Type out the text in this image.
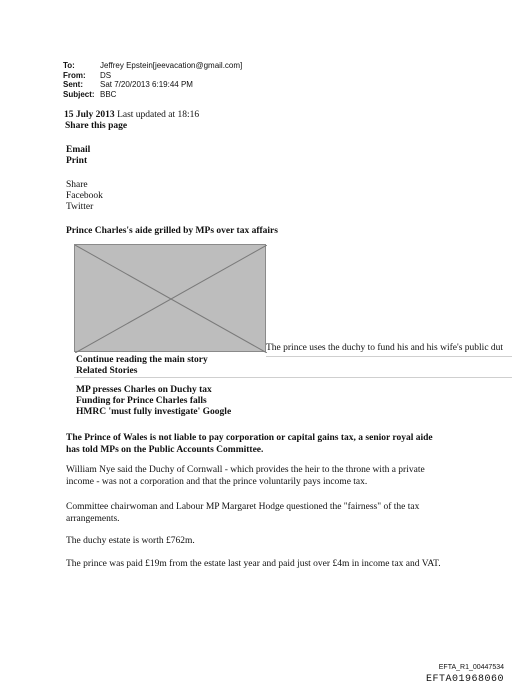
To:	Jeffrey Epstein[jeevacation@gmail.com]
From:	DS
Sent:	Sat 7/20/2013 6:19:44 PM
Subject: BBC
15 July 2013 Last updated at 18:16
Share this page
Email
Print
Share
Facebook
Twitter
Prince Charles's aide grilled by MPs over tax affairs
The prince uses the duchy to fund his and his wife's public dut
Continue reading the main story
Related Stories
MP presses Charles on Duchy tax
Funding for Prince Charles falls
HMRC 'must fully investigate' Google
The Prince of Wales is not liable to pay corporation or capital gains tax, a senior royal aide has told MPs on the Public Accounts Committee.
William Nye said the Duchy of Cornwall - which provides the heir to the throne with a private income - was not a corporation and that the prince voluntarily pays income tax.
Committee chairwoman and Labour MP Margaret Hodge questioned the "fairness" of the tax arrangements.
The duchy estate is worth £762m.
The prince was paid £19m from the estate last year and paid just over £4m in income tax and VAT.
EFTA_R1_00447534
EFTA01968060
